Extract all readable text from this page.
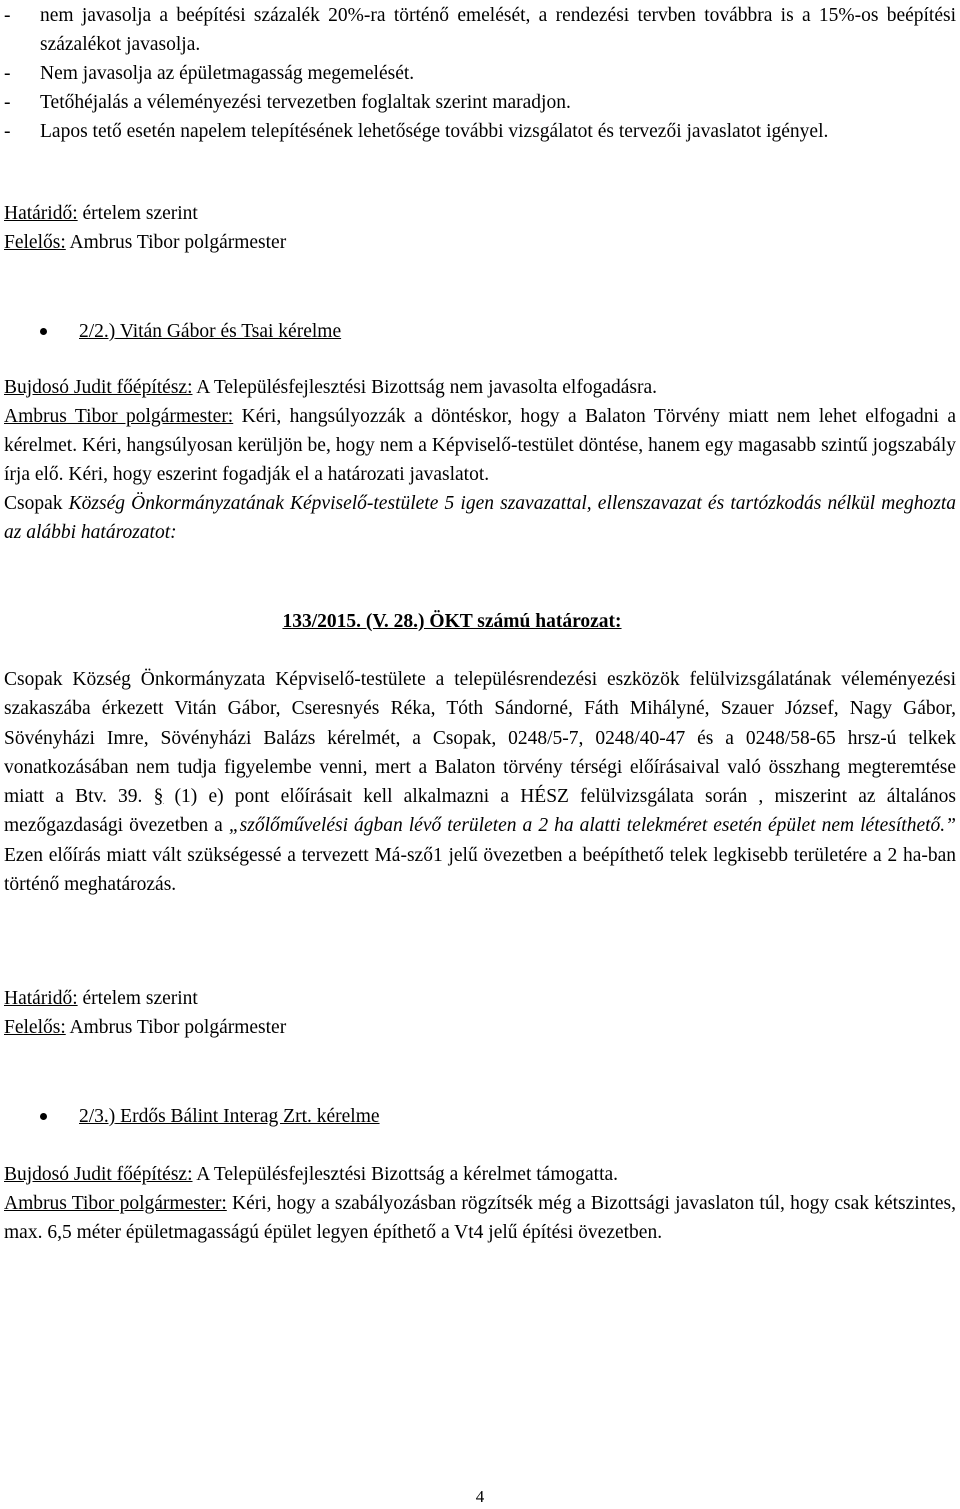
- nem javasolja a beépítési százalék 20%-ra történő emelését, a rendezési tervben továbbra is a 15%-os beépítési százalékot javasolja.
- Nem javasolja az épületmagasság megemelését.
- Tetőhéjalás a véleményezési tervezetben foglaltak szerint maradjon.
- Lapos tető esetén napelem telepítésének lehetősége további vizsgálatot és tervezői javaslatot igényel.

Határidő: értelem szerint

Felelős: Ambrus Tibor polgármester

2/2.) Vitán Gábor és Tsai kérelme

Bujdosó Judit főépítész: A Településfejlesztési Bizottság nem javasolta elfogadásra.

Ambrus Tibor polgármester: Kéri, hangsúlyozzák a döntéskor, hogy a Balaton Törvény miatt nem lehet elfogadni a kérelmet. Kéri, hangsúlyosan kerüljön be, hogy nem a Képviselő-testület döntése, hanem egy magasabb szintű jogszabály írja elő. Kéri, hogy eszerint fogadják el a határozati javaslatot.

Csopak Község Önkormányzatának Képviselő-testülete 5 igen szavazattal, ellenszavazat és tartózkodás nélkül meghozta az alábbi határozatot:

133/2015. (V. 28.) ÖKT számú határozat:
Csopak Község Önkormányzata Képviselő-testülete a településrendezési eszközök felülvizsgálatának véleményezési szakaszába érkezett Vitán Gábor, Cseresnyés Réka, Tóth Sándorné, Fáth Mihályné, Szauer József, Nagy Gábor, Sövényházi Imre, Sövényházi Balázs kérelmét, a Csopak, 0248/5-7, 0248/40-47 és a 0248/58-65 hrsz-ú telkek vonatkozásában nem tudja figyelembe venni, mert a Balaton törvény térségi előírásaival való összhang megteremtése miatt a Btv. 39. § (1) e) pont előírásait kell alkalmazni a HÉSZ felülvizsgálata során , miszerint az általános mezőgazdasági övezetben a „szőlőművelési ágban lévő területen a 2 ha alatti telekméret esetén épület nem létesíthető.” Ezen előírás miatt vált szükségessé a tervezett Má-sző1 jelű övezetben a beépíthető telek legkisebb területére a 2 ha-ban történő meghatározás.

Határidő: értelem szerint

Felelős: Ambrus Tibor polgármester

2/3.) Erdős Bálint Interag Zrt. kérelme

Bujdosó Judit főépítész: A Településfejlesztési Bizottság a kérelmet támogatta.

Ambrus Tibor polgármester: Kéri, hogy a szabályozásban rögzítsék még a Bizottsági javaslaton túl, hogy csak kétszintes, max. 6,5 méter épületmagasságú épület legyen építhető a Vt4 jelű építési övezetben.

4
